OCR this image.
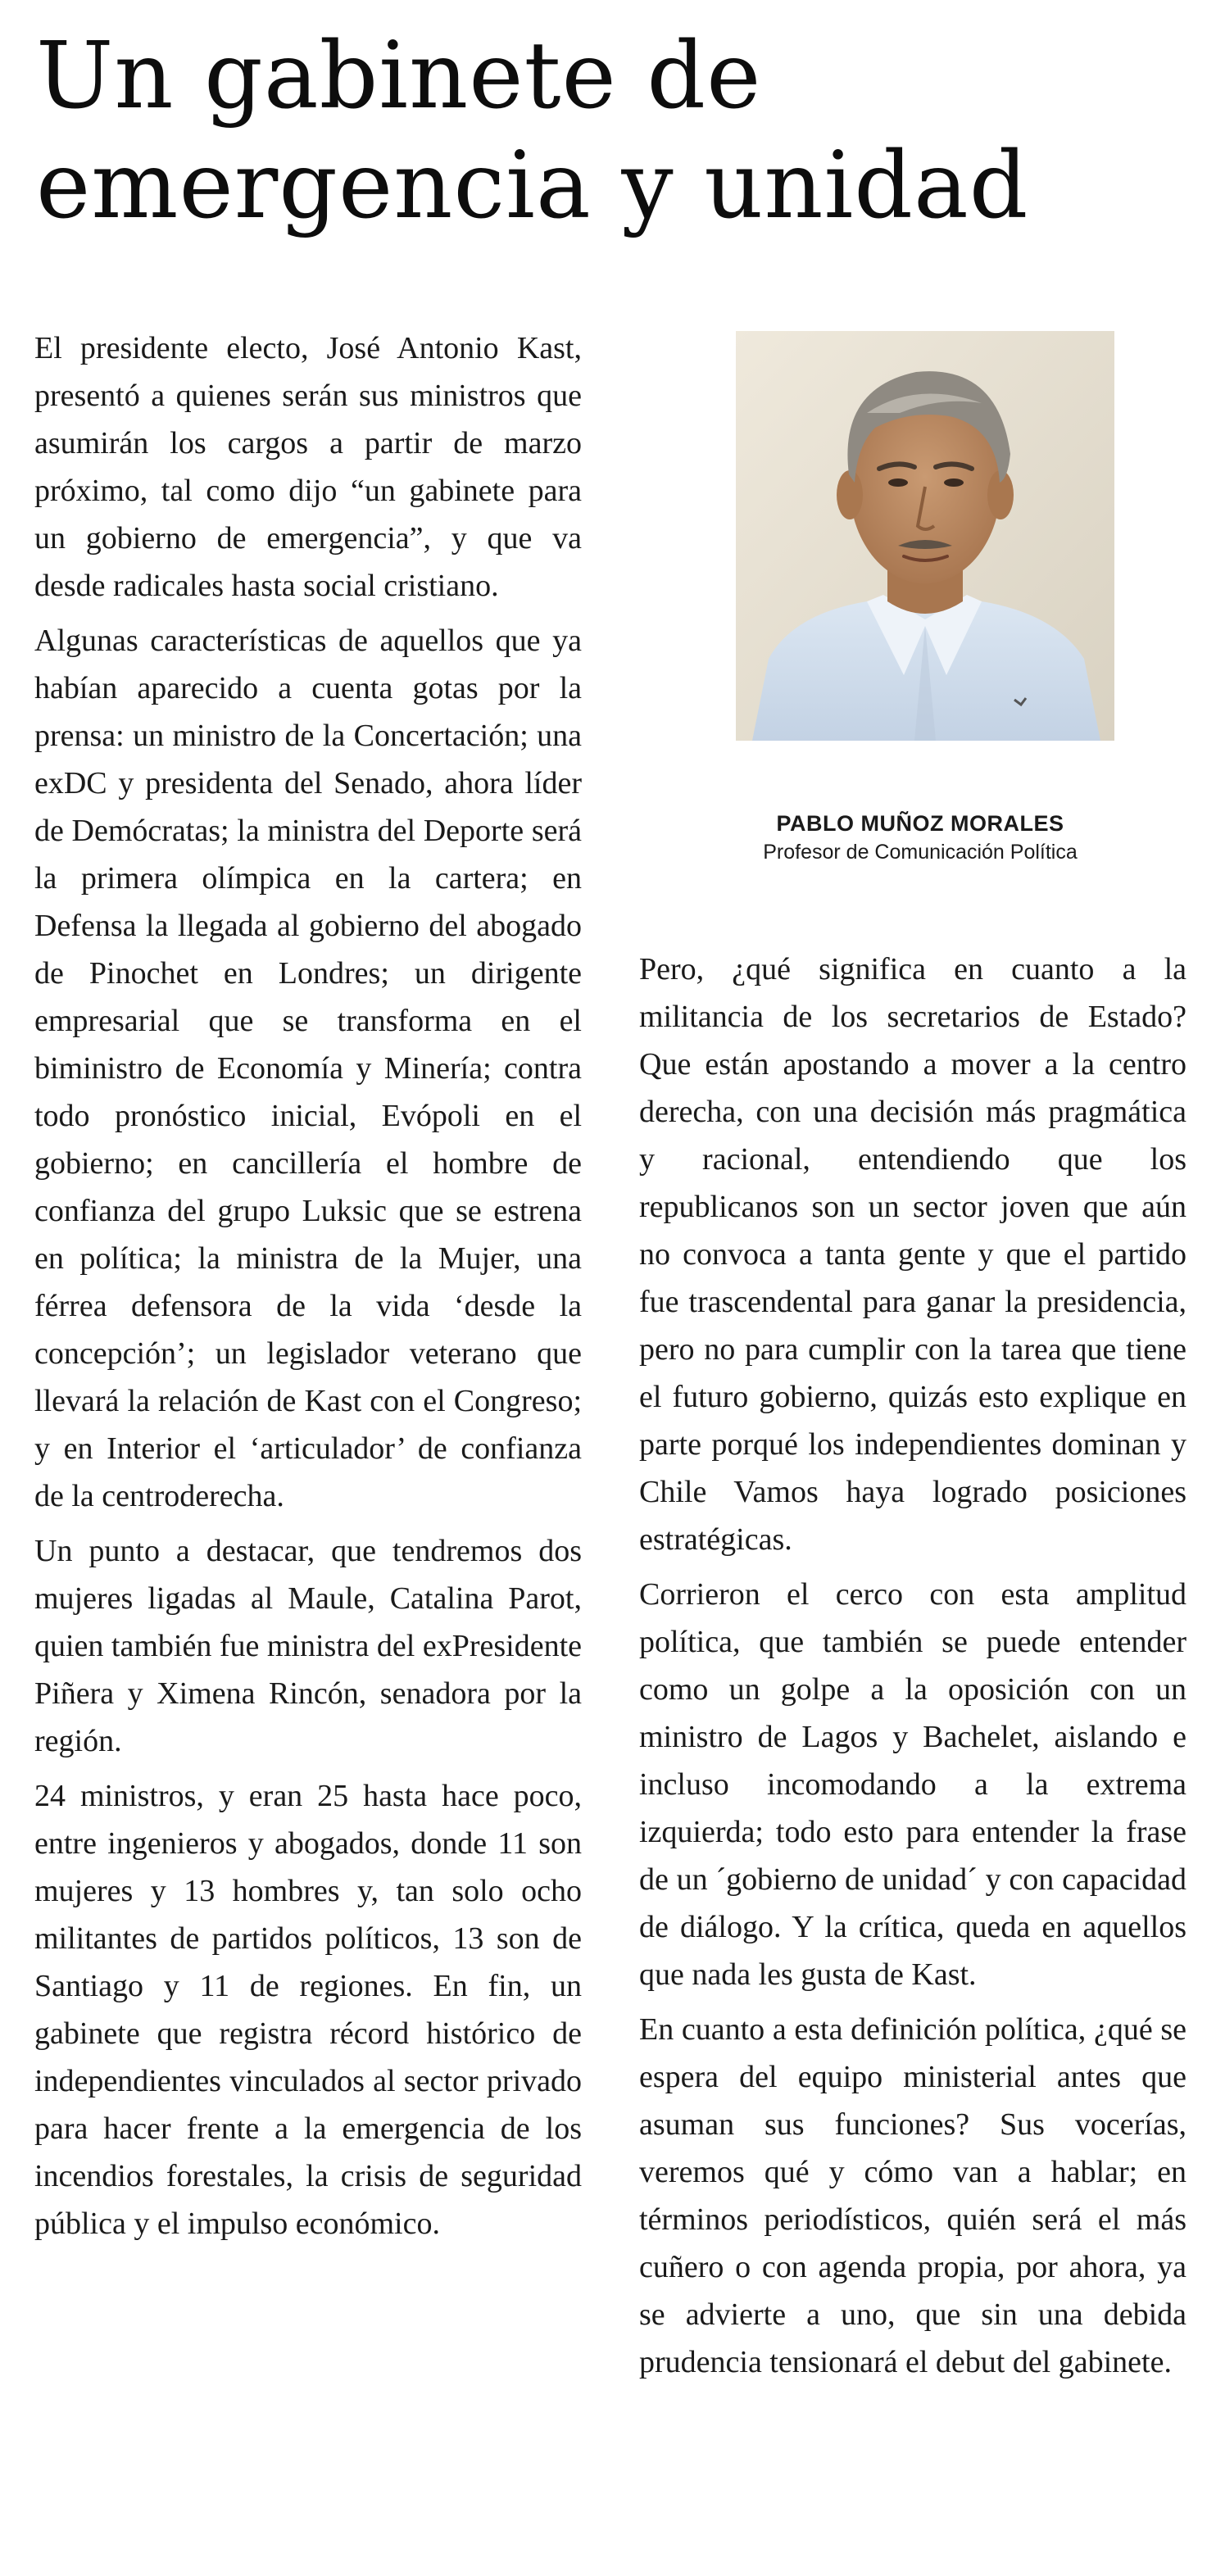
Un gabinete de emergencia y unidad

El presidente electo, José Antonio Kast, presentó a quienes serán sus ministros que asumirán los cargos a partir de marzo próximo, tal como dijo “un gabinete para un gobierno de emergencia”, y que va desde radicales hasta social cristiano.

Algunas características de aquellos que ya habían aparecido a cuenta gotas por la prensa: un ministro de la Concertación; una exDC y presidenta del Senado, ahora líder de Demócratas; la ministra del Deporte será la primera olímpica en la cartera; en Defensa la llegada al gobierno del abogado de Pinochet en Londres; un dirigente empresarial que se transforma en el biministro de Economía y Minería; contra todo pronóstico inicial, Evópoli en el gobierno; en cancillería el hombre de confianza del grupo Luksic que se estrena en política; la ministra de la Mujer, una férrea defensora de la vida ‘desde la concepción’; un legislador veterano que llevará la relación de Kast con el Congreso; y en Interior el ‘articulador’ de confianza de la centroderecha.

Un punto a destacar, que tendremos dos mujeres ligadas al Maule, Catalina Parot, quien también fue ministra del exPresidente Piñera y Ximena Rincón, senadora por la región.

24 ministros, y eran 25 hasta hace poco, entre ingenieros y abogados, donde 11 son mujeres y 13 hombres y, tan solo ocho militantes de partidos políticos, 13 son de Santiago y 11 de regiones. En fin, un gabinete que registra récord histórico de independientes vinculados al sector privado para hacer frente a la emergencia de los incendios forestales, la crisis de seguridad pública y el impulso económico.

PABLO MUÑOZ MORALES
Profesor de Comunicación Política

Pero, ¿qué significa en cuanto a la militancia de los secretarios de Estado? Que están apostando a mover a la centro derecha, con una decisión más pragmática y racional, entendiendo que los republicanos son un sector joven que aún no convoca a tanta gente y que el partido fue trascendental para ganar la presidencia, pero no para cumplir con la tarea que tiene el futuro gobierno, quizás esto explique en parte porqué los independientes dominan y Chile Vamos haya logrado posiciones estratégicas.

Corrieron el cerco con esta amplitud política, que también se puede entender como un golpe a la oposición con un ministro de Lagos y Bachelet, aislando e incluso incomodando a la extrema izquierda; todo esto para entender la frase de un ´gobierno de unidad´ y con capacidad de diálogo. Y la crítica, queda en aquellos que nada les gusta de Kast.

En cuanto a esta definición política, ¿qué se espera del equipo ministerial antes que asuman sus funciones? Sus vocerías, veremos qué y cómo van a hablar; en términos periodísticos, quién será el más cuñero o con agenda propia, por ahora, ya se advierte a uno, que sin una debida prudencia tensionará el debut del gabinete.
